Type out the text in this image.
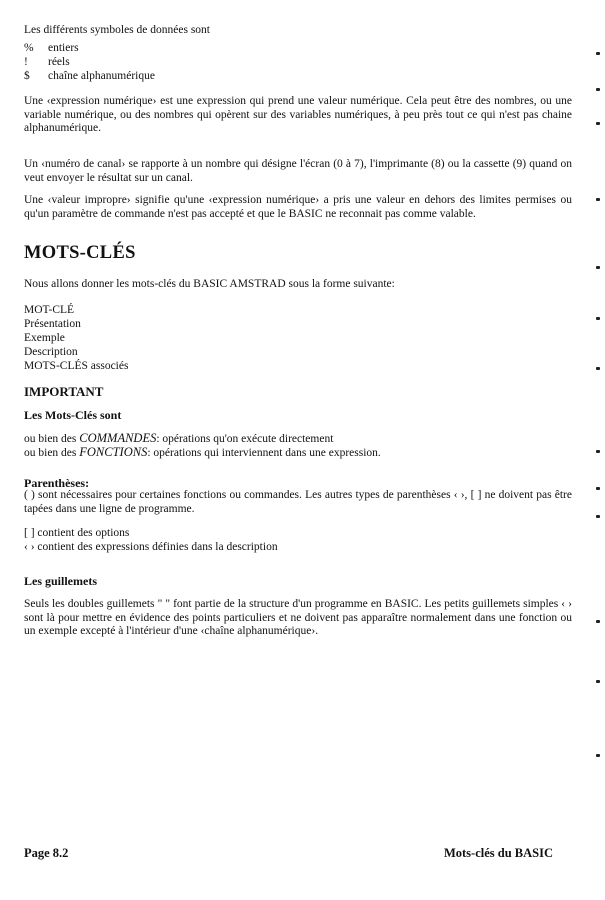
Les différents symboles de données sont
%	entiers
!	réels
$	chaîne alphanumérique

Une ‹expression numérique› est une expression qui prend une valeur numérique. Cela peut être des nombres, ou une variable numérique, ou des nombres qui opèrent sur des variables numériques, à peu près tout ce qui n'est pas chaine alphanumérique.

Un ‹numéro de canal› se rapporte à un nombre qui désigne l'écran (0 à 7), l'imprimante (8) ou la cassette (9) quand on veut envoyer le résultat sur un canal.

Une ‹valeur impropre› signifie qu'une ‹expression numérique› a pris une valeur en dehors des limites permises ou qu'un paramètre de commande n'est pas accepté et que le BASIC ne reconnait pas comme valable.

MOTS-CLÉS
Nous allons donner les mots-clés du BASIC AMSTRAD sous la forme suivante:
MOT-CLÉ
Présentation
Exemple
Description
MOTS-CLÉS associés
IMPORTANT
Les Mots-Clés sont
ou bien des COMMANDES: opérations qu'on exécute directement
ou bien des FONCTIONS: opérations qui interviennent dans une expression.
Parenthèses:

( ) sont nécessaires pour certaines fonctions ou commandes. Les autres types de parenthèses ‹ ›, [ ] ne doivent pas être tapées dans une ligne de programme.

[ ] contient des options
‹ › contient des expressions définies dans la description
Les guillemets

Seuls les doubles guillemets " " font partie de la structure d'un programme en BASIC. Les petits guillemets simples ‹ › sont là pour mettre en évidence des points particuliers et ne doivent pas apparaître normalement dans une fonction ou un exemple excepté à l'intérieur d'une ‹chaîne alphanumérique›.

Page 8.2	Mots-clés du BASIC
